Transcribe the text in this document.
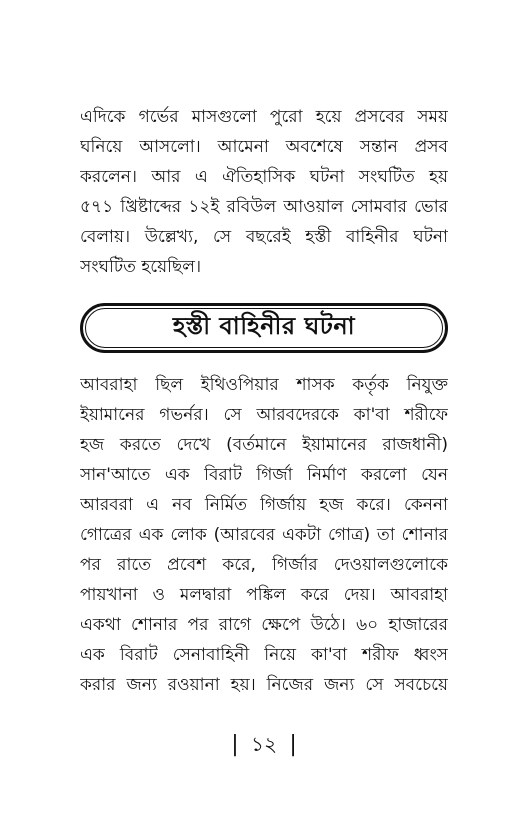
এদিকে গর্ভের মাসগুলো পুরো হয়ে প্রসবের সময়
ঘনিয়ে আসলো। আমেনা অবশেষে সন্তান প্রসব
করলেন। আর এ ঐতিহাসিক ঘটনা সংঘটিত হয়
৫৭১ খ্রিষ্টাব্দের ১২ই রবিউল আওয়াল সোমবার ভোর
বেলায়। উল্লেখ্য, সে বছরেই হস্তী বাহিনীর ঘটনা
সংঘটিত হয়েছিল।

হস্তী বাহিনীর ঘটনা

আবরাহা ছিল ইথিওপিয়ার শাসক কর্তৃক নিযুক্ত
ইয়ামানের গভর্নর। সে আরবদেরকে কা'বা শরীফে
হজ করতে দেখে (বর্তমানে ইয়ামানের রাজধানী)
সান'আতে এক বিরাট গির্জা নির্মাণ করলো যেন
আরবরা এ নব নির্মিত গির্জায় হজ করে। কেননা
গোত্রের এক লোক (আরবের একটা গোত্র) তা শোনার
পর রাতে প্রবেশ করে, গির্জার দেওয়ালগুলোকে
পায়খানা ও মলদ্বারা পঙ্কিল করে দেয়। আবরাহা
একথা শোনার পর রাগে ক্ষেপে উঠে। ৬০ হাজারের
এক বিরাট সেনাবাহিনী নিয়ে কা'বা শরীফ ধ্বংস
করার জন্য রওয়ানা হয়। নিজের জন্য সে সবচেয়ে

| ১২ |
